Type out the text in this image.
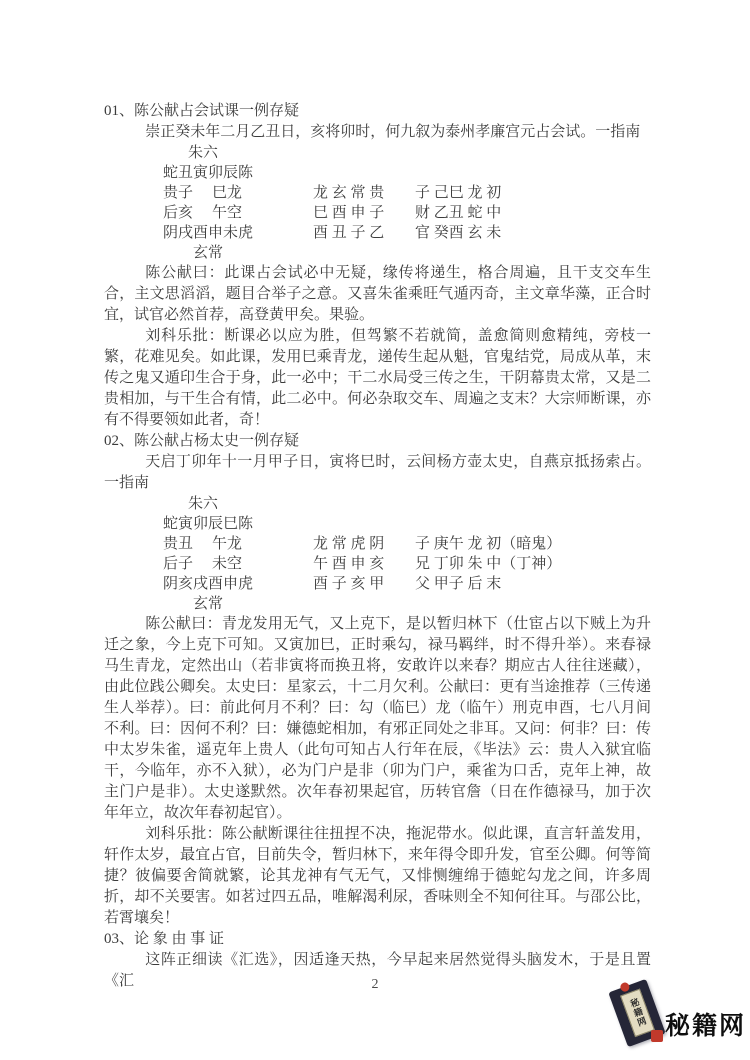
01、陈公献占会试课一例存疑

崇正癸未年二月乙丑日，亥将卯时，何九叙为泰州孝廉宫元占会试。一指南

朱六
蛇丑寅卯辰陈
贵子 巳龙	龙 玄 常 贵 子 己巳 龙 初
后亥 午空	巳 酉 申 子 财 乙丑 蛇 中
阴戌酉申未虎	酉 丑 子 乙 官 癸酉 玄 未
玄常

陈公献曰：此课占会试必中无疑，缘传将递生，格合周遍，且干支交车生合，主文思滔滔，题目合举子之意。又喜朱雀乘旺气遁丙奇，主文章华藻，正合时宜，试官必然首荐，高登黄甲矣。果验。

刘科乐批：断课必以应为胜，但驾繁不若就简，盖愈简则愈精纯，旁枝一繁，花难见矣。如此课，发用巳乘青龙，递传生起从魁，官鬼结党，局成从革，末传之鬼又遁印生合于身，此一必中；干二水局受三传之生，干阴幕贵太常，又是二贵相加，与干生合有情，此二必中。何必杂取交车、周遍之支末？大宗师断课，亦有不得要领如此者，奇！

02、陈公献占杨太史一例存疑

天启丁卯年十一月甲子日，寅将巳时，云间杨方壶太史，自燕京抵扬索占。一指南

朱六
蛇寅卯辰巳陈
贵丑 午龙	龙 常 虎 阴 子 庚午 龙 初（暗鬼）
后子 未空	午 酉 申 亥 兄 丁卯 朱 中（丁神）
阴亥戌酉申虎	酉 子 亥 甲 父 甲子 后 末
玄常

陈公献曰：青龙发用无气，又上克下，是以暂归林下（仕宦占以下贼上为升迁之象，今上克下可知。又寅加巳，正时乘勾，禄马羁绊，时不得升举）。来春禄马生青龙，定然出山（若非寅将而换丑将，安敢许以来春？期应古人往往迷藏），由此位践公卿矣。太史曰：星家云，十二月欠利。公献曰：更有当途推荐（三传递生人举荐）。曰：前此何月不利？曰：勾（临巳）龙（临午）刑克申酉，七八月间不利。曰：因何不利？曰：嫌德蛇相加，有邪正同处之非耳。又问：何非？曰：传中太岁朱雀，遥克年上贵人（此句可知占人行年在辰，《毕法》云：贵人入狱宜临干，今临年，亦不入狱），必为门户是非（卯为门户，乘雀为口舌，克年上神，故主门户是非）。太史遂默然。次年春初果起官，历转官詹（日在作德禄马，加于次年年立，故次年春初起官）。

刘科乐批：陈公献断课往往扭捏不决，拖泥带水。似此课，直言轩盖发用，轩作太岁，最宜占官，目前失令，暂归林下，来年得令即升发，官至公卿。何等简捷？彼偏要舍简就繁，论其龙神有气无气，又悱恻缠绵于德蛇勾龙之间，许多周折，却不关要害。如茗过四五品，唯解渴利尿，香味则全不知何往耳。与邵公比，若霄壤矣！

03、论 象 由 事 证

这阵正细读《汇选》，因适逢天热，今早起来居然觉得头脑发木，于是且置《汇	2
秘籍网 秘籍网
